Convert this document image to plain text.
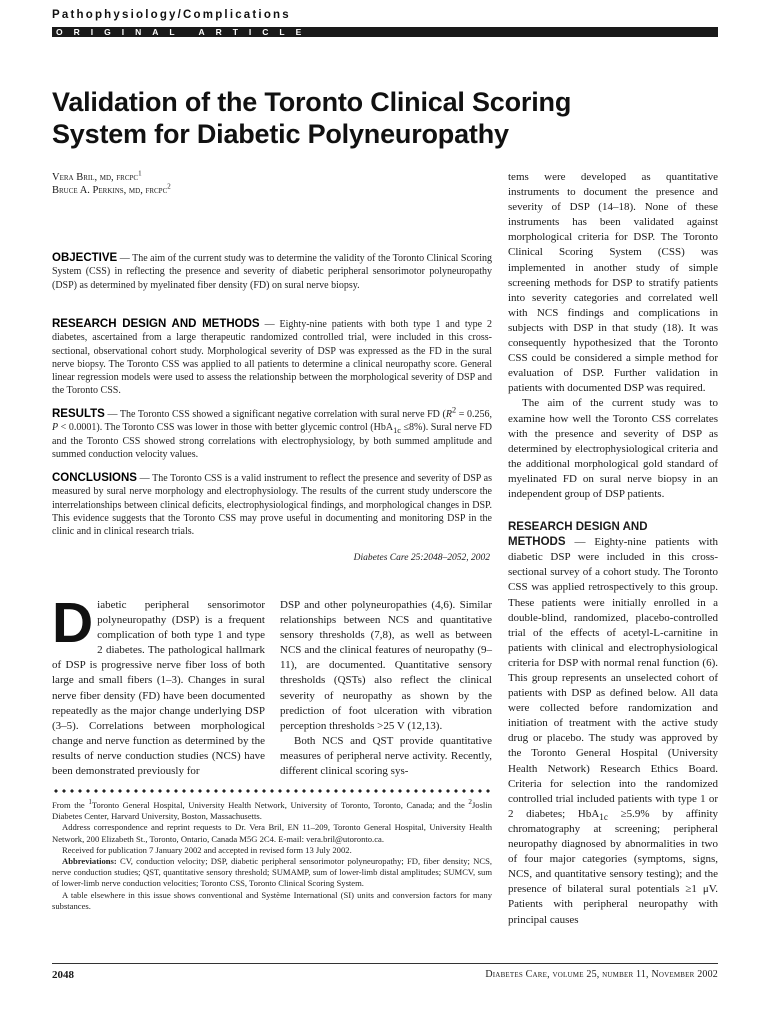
Pathophysiology/Complications
ORIGINAL ARTICLE
Validation of the Toronto Clinical Scoring
System for Diabetic Polyneuropathy
Vera Bril, md, frcpc$^1$
Bruce A. Perkins, md, frcpc$^2$
OBJECTIVE — The aim of the current study was to determine the validity of the Toronto Clinical Scoring System (CSS) in reflecting the presence and severity of diabetic peripheral sensorimotor polyneuropathy (DSP) as determined by myelinated fiber density (FD) on sural nerve biopsy.
RESEARCH DESIGN AND METHODS — Eighty-nine patients with both type 1 and type 2 diabetes, ascertained from a large therapeutic randomized controlled trial, were included in this cross-sectional, observational cohort study. Morphological severity of DSP was expressed as the FD in the sural nerve biopsy. The Toronto CSS was applied to all patients to determine a clinical neuropathy score. General linear regression models were used to assess the relationship between the morphological severity of DSP and the Toronto CSS.
RESULTS — The Toronto CSS showed a significant negative correlation with sural nerve FD ($R^2 = 0.256$, P < 0.0001). The Toronto CSS was lower in those with better glycemic control (HbA$_{1c}$ ≤8%). Sural nerve FD and the Toronto CSS showed strong correlations with electrophysiology, by both summed amplitude and summed conduction velocity values.
CONCLUSIONS — The Toronto CSS is a valid instrument to reflect the presence and severity of DSP as measured by sural nerve morphology and electrophysiology. The results of the current study underscore the interrelationships between clinical deficits, electrophysiological findings, and morphological changes in DSP. This evidence suggests that the Toronto CSS may prove useful in documenting and monitoring DSP in the clinic and in clinical research trials.
Diabetes Care 25:2048–2052, 2002
Diabetic peripheral sensorimotor polyneuropathy (DSP) is a frequent complication of both type 1 and type 2 diabetes. The pathological hallmark of DSP is progressive nerve fiber loss of both large and small fibers (1–3). Changes in sural nerve fiber density (FD) have been documented repeatedly as the major change underlying DSP (3–5). Correlations between morphological change and nerve function as determined by the results of nerve conduction studies (NCS) have been demonstrated previously for
DSP and other polyneuropathies (4,6). Similar relationships between NCS and quantitative sensory thresholds (7,8), as well as between NCS and the clinical features of neuropathy (9–11), are documented. Quantitative sensory thresholds (QSTs) also reflect the clinical severity of neuropathy as shown by the prediction of foot ulceration with vibration perception thresholds >25 V (12,13).
Both NCS and QST provide quantitative measures of peripheral nerve activity. Recently, different clinical scoring sys-

From the $^1$Toronto General Hospital, University Health Network, University of Toronto, Toronto, Canada; and the $^2$Joslin Diabetes Center, Harvard University, Boston, Massachusetts.

Address correspondence and reprint requests to Dr. Vera Bril, EN 11–209, Toronto General Hospital, University Health Network, 200 Elizabeth St., Toronto, Ontario, Canada M5G 2C4. E-mail: vera.bril@utoronto.ca.

Received for publication 7 January 2002 and accepted in revised form 13 July 2002.

Abbreviations: CV, conduction velocity; DSP, diabetic peripheral sensorimotor polyneuropathy; FD, fiber density; NCS, nerve conduction studies; QST, quantitative sensory threshold; SUMAMP, sum of lower-limb distal amplitudes; SUMCV, sum of lower-limb nerve conduction velocities; Toronto CSS, Toronto Clinical Scoring System.

A table elsewhere in this issue shows conventional and Système International (SI) units and conversion factors for many substances.

tems were developed as quantitative instruments to document the presence and severity of DSP (14–18). None of these instruments has been validated against morphological criteria for DSP. The Toronto Clinical Scoring System (CSS) was implemented in another study of simple screening methods for DSP to stratify patients into severity categories and correlated well with NCS findings and complications in subjects with DSP in that study (18). It was consequently hypothesized that the Toronto CSS could be considered a simple method for evaluation of DSP. Further validation in patients with documented DSP was required.
The aim of the current study was to examine how well the Toronto CSS correlates with the presence and severity of DSP as determined by electrophysiological criteria and the additional morphological gold standard of myelinated FD on sural nerve biopsy in an independent group of DSP patients.
RESEARCH DESIGN AND
METHODS — Eighty-nine patients with diabetic DSP were included in this cross-sectional survey of a cohort study. The Toronto CSS was applied retrospectively to this group. These patients were initially enrolled in a double-blind, randomized, placebo-controlled trial of the effects of acetyl-L-carnitine in patients with clinical and electrophysiological criteria for DSP with normal renal function (6). This group represents an unselected cohort of patients with DSP as defined below. All data were collected before randomization and initiation of treatment with the active study drug or placebo. The study was approved by the Toronto General Hospital (University Health Network) Research Ethics Board. Criteria for selection into the randomized controlled trial included patients with type 1 or 2 diabetes; HbA$_{1c}$ ≥5.9% by affinity chromatography at screening; peripheral neuropathy diagnosed by abnormalities in two of four major categories (symptoms, signs, NCS, and quantitative sensory testing); and the presence of bilateral sural potentials ≥1 μV. Patients with peripheral neuropathy with principal causes
2048	Diabetes Care, volume 25, number 11, November 2002
